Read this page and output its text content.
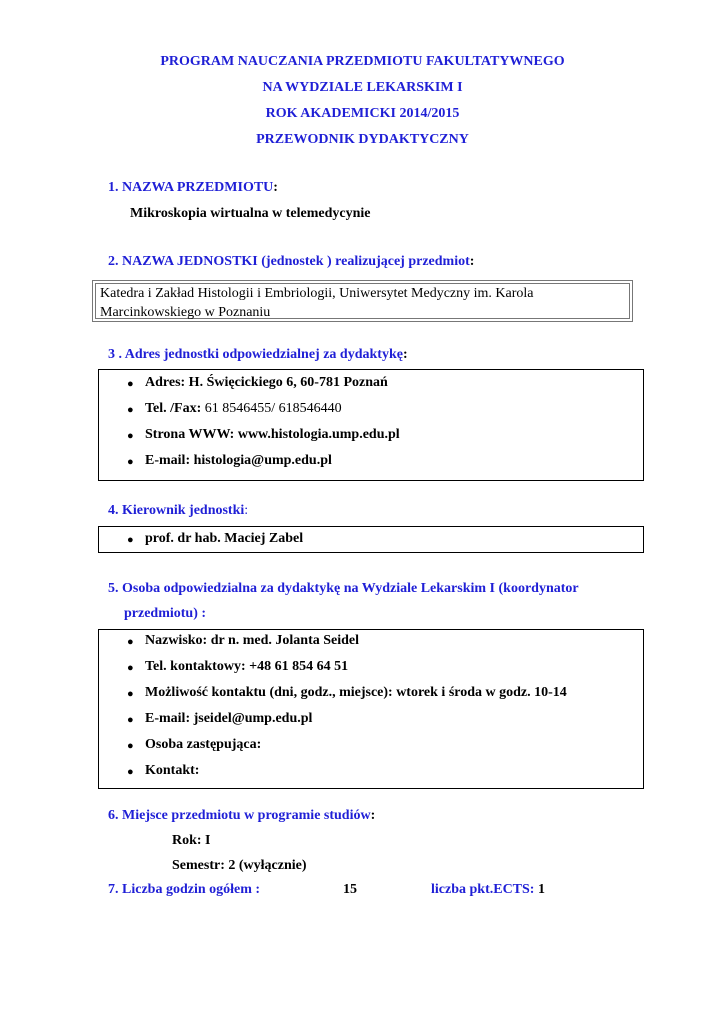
PROGRAM NAUCZANIA PRZEDMIOTU FAKULTATYWNEGO
NA WYDZIALE LEKARSKIM I
ROK AKADEMICKI 2014/2015
PRZEWODNIK DYDAKTYCZNY
1. NAZWA PRZEDMIOTU:
Mikroskopia wirtualna w telemedycynie
2. NAZWA JEDNOSTKI (jednostek ) realizującej przedmiot:
Katedra i Zakład Histologii i Embriologii, Uniwersytet Medyczny im. Karola
Marcinkowskiego w Poznaniu
3 . Adres jednostki odpowiedzialnej za dydaktykę:
● Adres: H. Święcickiego 6, 60-781 Poznań
● Tel. /Fax: 61 8546455/ 618546440
● Strona WWW: www.histologia.ump.edu.pl
● E-mail: histologia@ump.edu.pl
4. Kierownik jednostki:
● prof. dr hab. Maciej Zabel
5. Osoba odpowiedzialna za dydaktykę na Wydziale Lekarskim I (koordynator
przedmiotu) :
● Nazwisko: dr n. med. Jolanta Seidel
● Tel. kontaktowy: +48 61 854 64 51
● Możliwość kontaktu (dni, godz., miejsce): wtorek i środa w godz. 10-14
● E-mail: jseidel@ump.edu.pl
● Osoba zastępująca:
● Kontakt:
6. Miejsce przedmiotu w programie studiów:
Rok: I
Semestr: 2 (wyłącznie)
7. Liczba godzin ogółem :	15	liczba pkt.ECTS: 1
